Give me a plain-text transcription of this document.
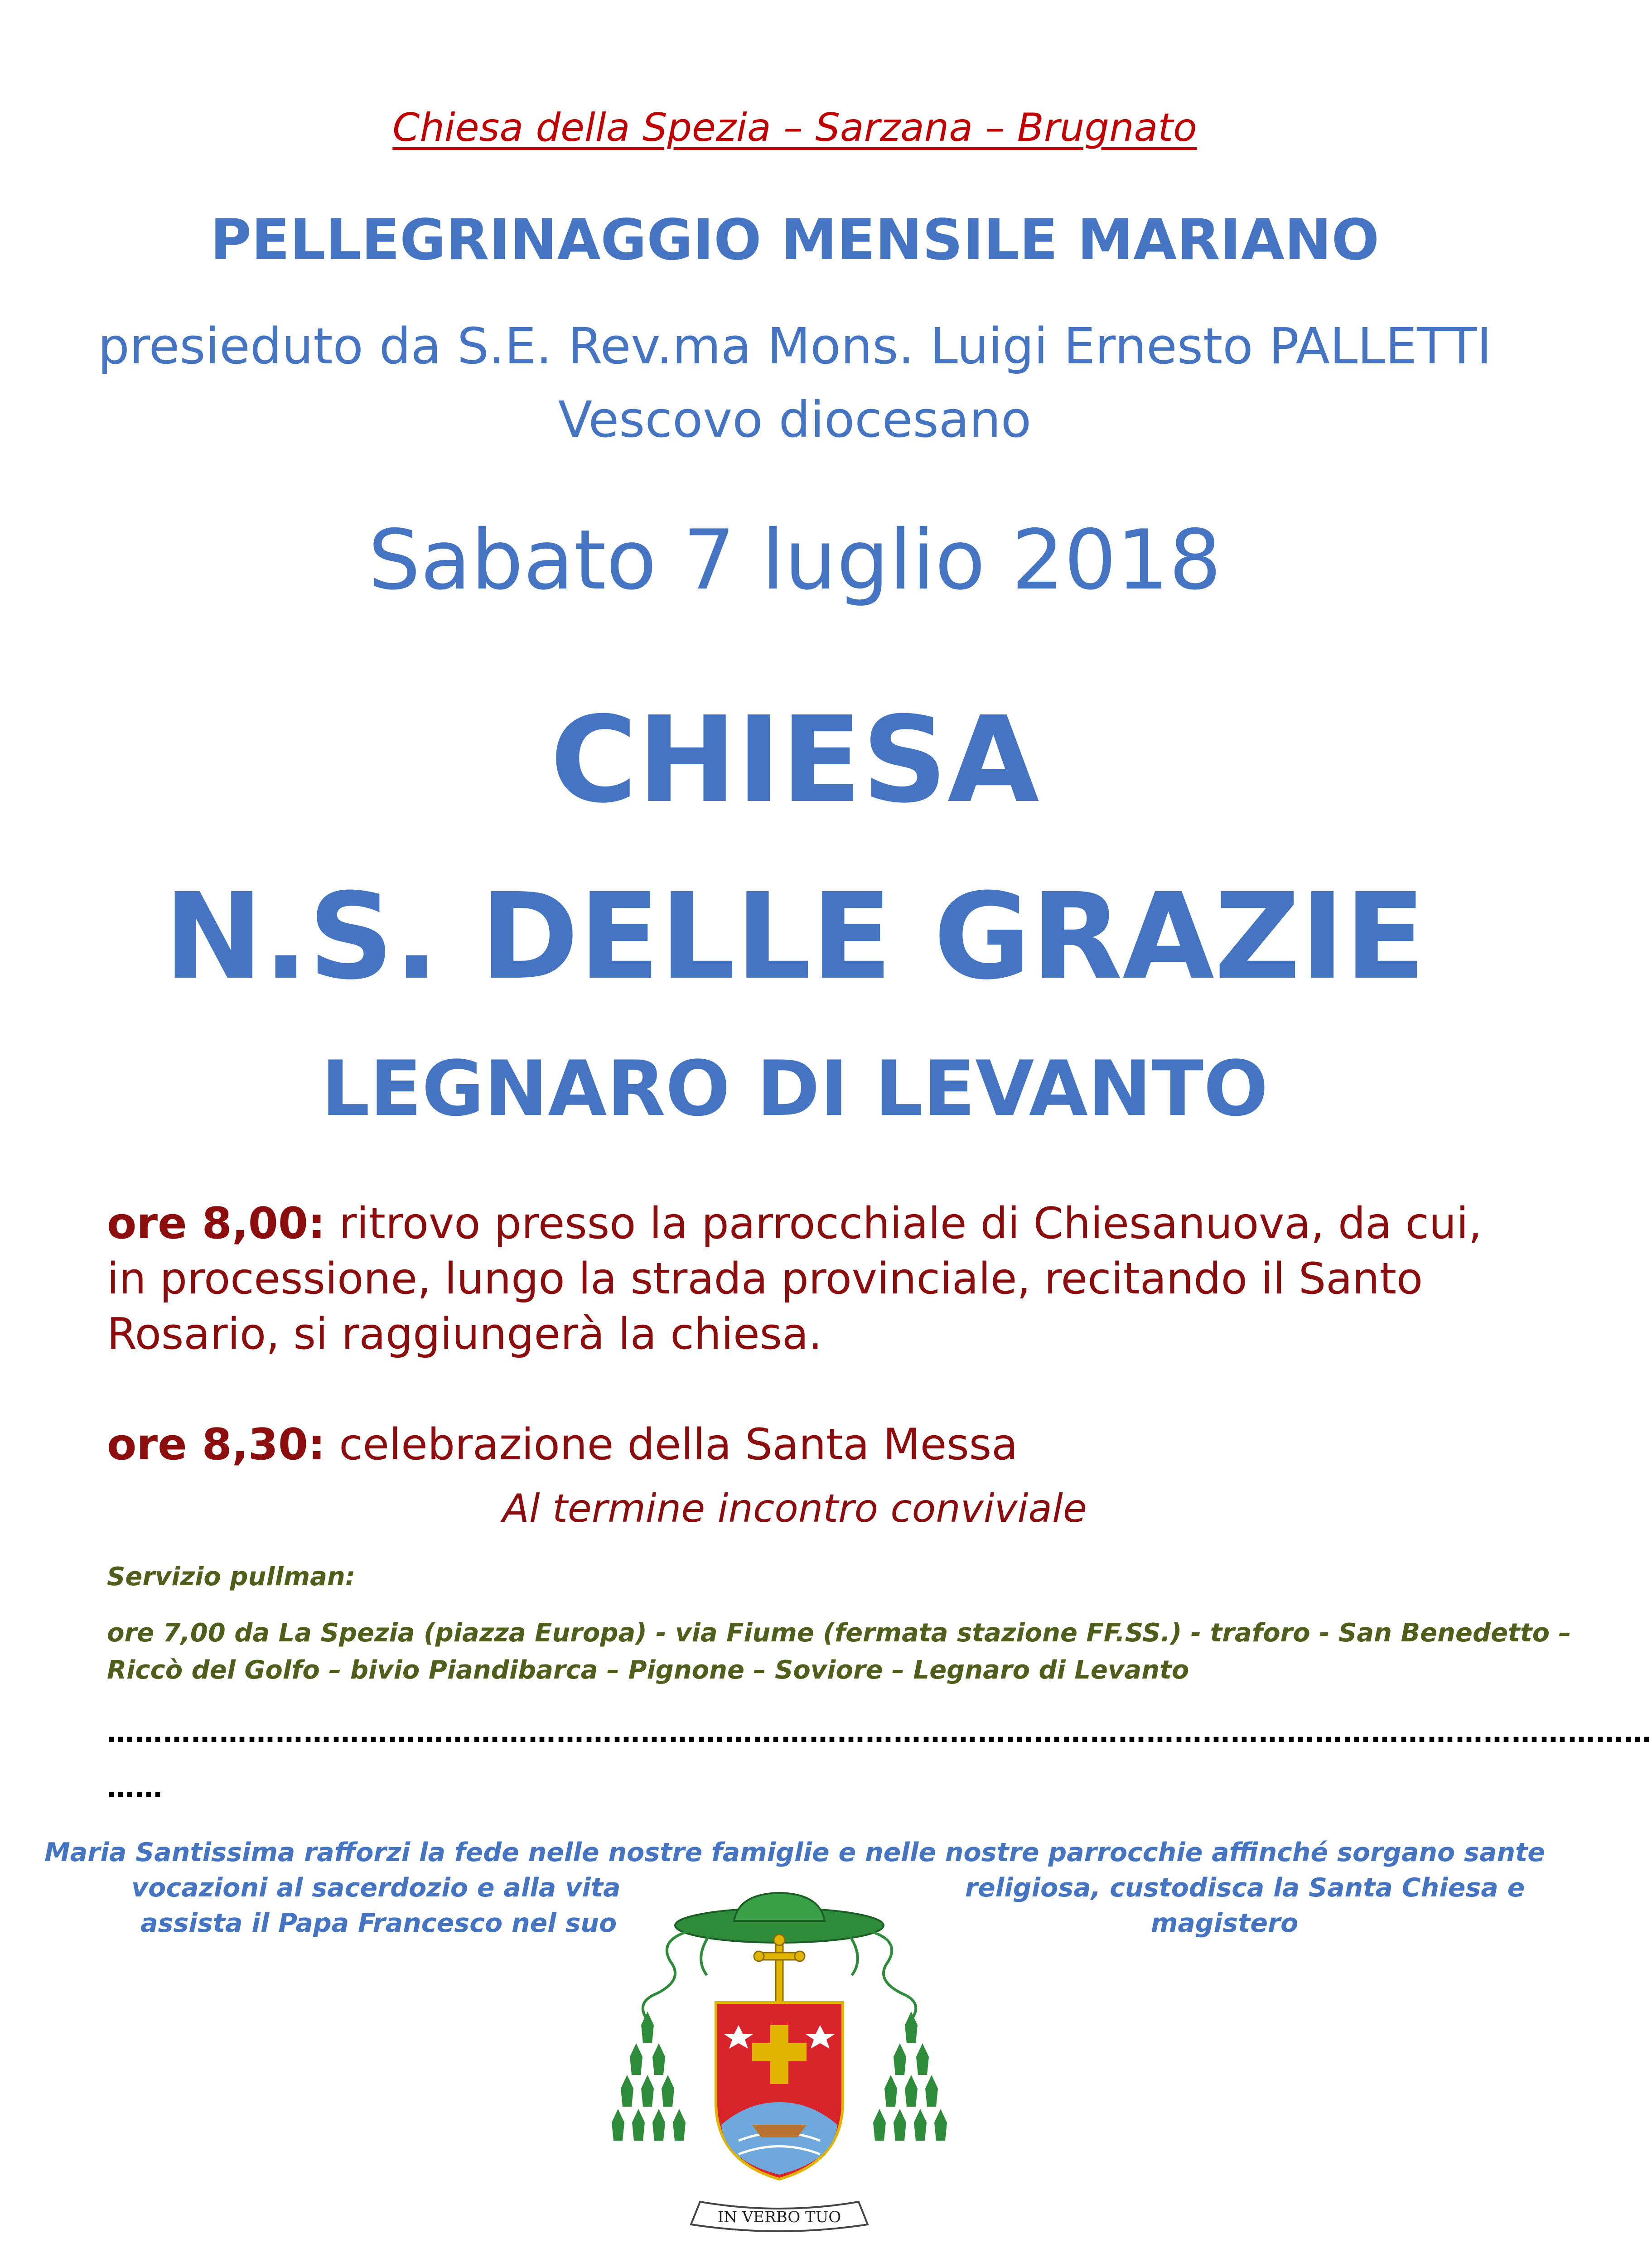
Chiesa della Spezia – Sarzana – Brugnato
PELLEGRINAGGIO MENSILE MARIANO
presieduto da S.E. Rev.ma Mons. Luigi Ernesto PALLETTI
Vescovo diocesano
Sabato 7 luglio 2018
CHIESA
N.S. DELLE GRAZIE
LEGNARO DI LEVANTO
ore 8,00: ritrovo presso la parrocchiale di Chiesanuova, da cui, in processione, lungo la strada provinciale, recitando il Santo Rosario, si raggiungerà la chiesa.
ore 8,30: celebrazione della Santa Messa
Al termine incontro conviviale
Servizio pullman:
ore 7,00 da La Spezia (piazza Europa) - via Fiume (fermata stazione FF.SS.) - traforo - San Benedetto –
Riccò del Golfo – bivio Piandibarca – Pignone – Soviore – Legnaro di Levanto
…………………………………………………………………………………………………………………………………………………
……
Maria Santissima rafforzi la fede nelle nostre famiglie e nelle nostre parrocchie affinché sorgano sante
vocazioni al sacerdozio e alla vita	religiosa, custodisca la Santa Chiesa e
assista il Papa Francesco nel suo	magistero
IN VERBO TUO
